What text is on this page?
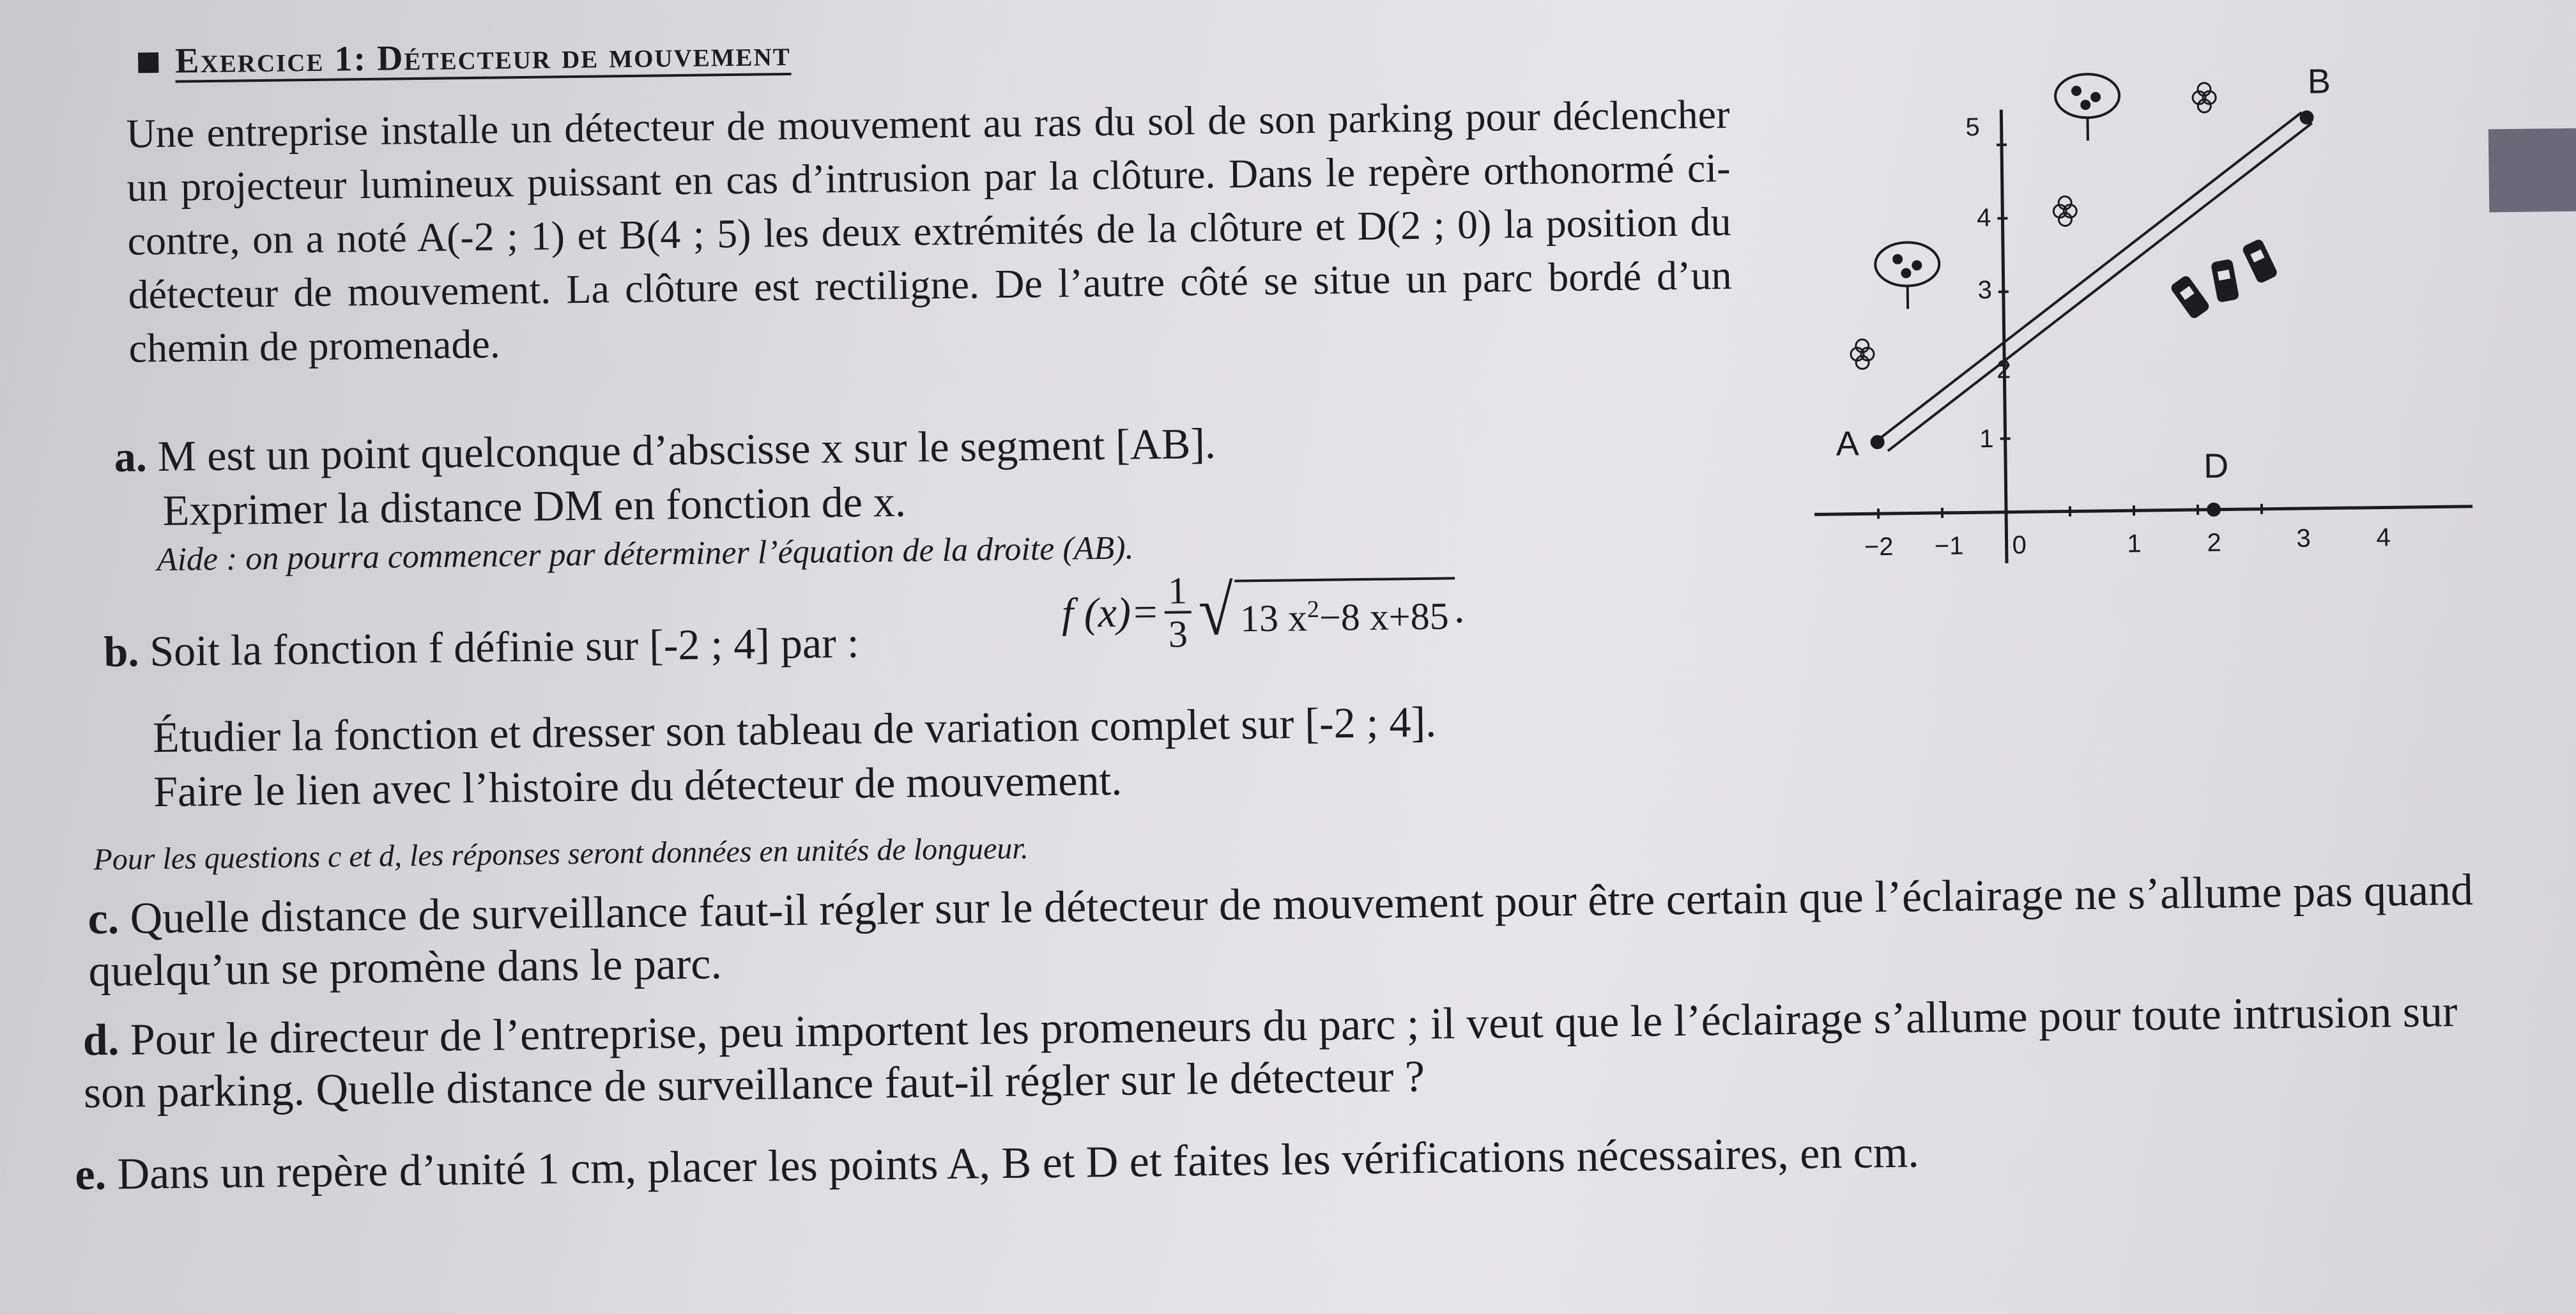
Exercice 1: Détecteur de mouvement

Une entreprise installe un détecteur de mouvement au ras du sol de son parking pour déclencher un projecteur lumineux puissant en cas d’intrusion par la clôture. Dans le repère orthonormé ci-contre, on a noté A(-2 ; 1) et B(4 ; 5) les deux extrémités de la clôture et D(2 ; 0) la position du détecteur de mouvement. La clôture est rectiligne. De l’autre côté se situe un parc bordé d’un chemin de promenade.

a. M est un point quelconque d’abscisse x sur le segment [AB].
Exprimer la distance DM en fonction de x.
Aide : on pourra commencer par déterminer l’équation de la droite (AB).
b. Soit la fonction f définie sur [-2 ; 4] par :
f $(x)= \frac{1}{3}$ √ 13 $x^2-8$ x+85 .
Étudier la fonction et dresser son tableau de variation complet sur [-2 ; 4].
Faire le lien avec l’histoire du détecteur de mouvement.
Pour les questions c et d, les réponses seront données en unités de longueur.
c. Quelle distance de surveillance faut-il régler sur le détecteur de mouvement pour être certain que l’éclairage ne s’allume pas quand quelqu’un se promène dans le parc.
d. Pour le directeur de l’entreprise, peu importent les promeneurs du parc ; il veut que le l’éclairage s’allume pour toute intrusion sur son parking. Quelle distance de surveillance faut-il régler sur le détecteur ?
e. Dans un repère d’unité 1 cm, placer les points A, B et D et faites les vérifications nécessaires, en cm.
−2 −1 0	1	2	3	4
1
2
3
4
5
A
B
D
